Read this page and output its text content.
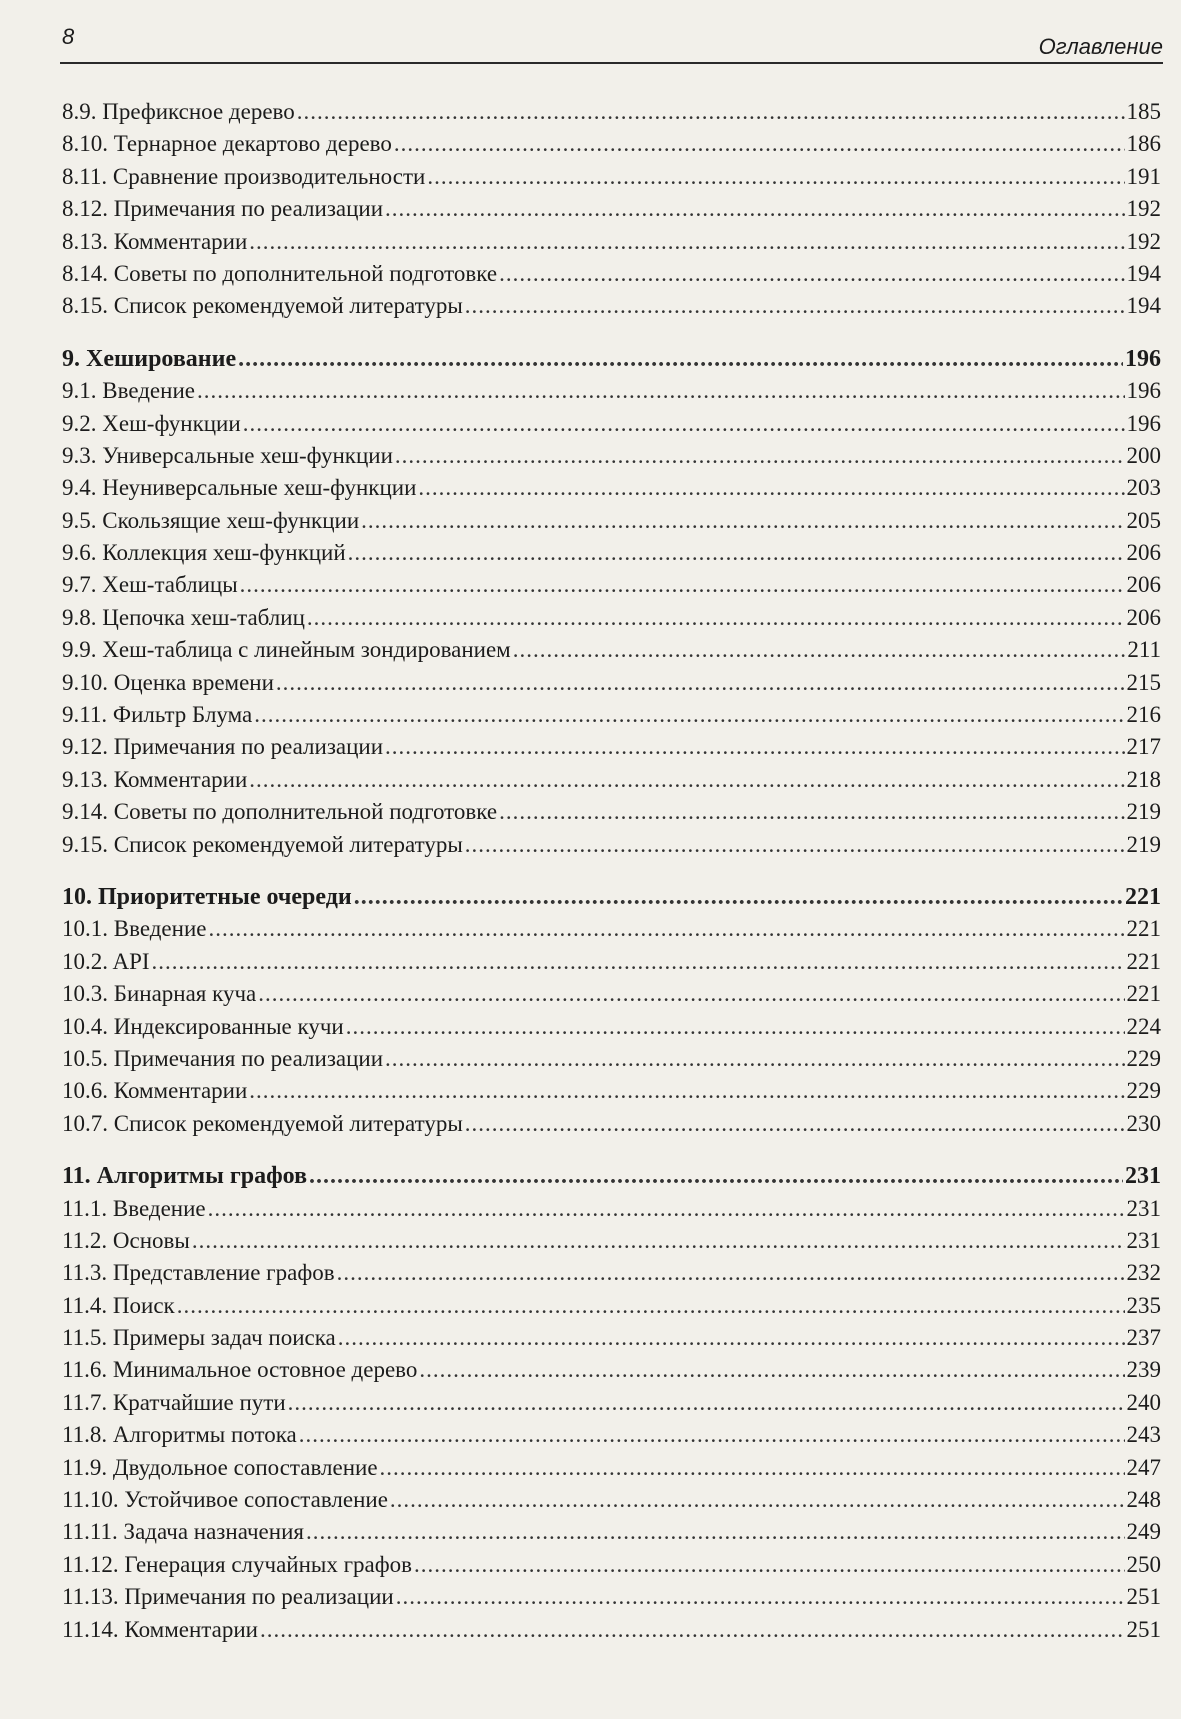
8	Оглавление
8.9. Префиксное дерево .....	185
8.10. Тернарное декартово дерево .....	186
8.11. Сравнение производительности .....	191
8.12. Примечания по реализации .....	192
8.13. Комментарии .....	192
8.14. Советы по дополнительной подготовке .....	194
8.15. Список рекомендуемой литературы .....	194
9. Хеширование .....	196
9.1. Введение .....	196
9.2. Хеш-функции .....	196
9.3. Универсальные хеш-функции .....	200
9.4. Неуниверсальные хеш-функции .....	203
9.5. Скользящие хеш-функции .....	205
9.6. Коллекция хеш-функций .....	206
9.7. Хеш-таблицы .....	206
9.8. Цепочка хеш-таблиц .....	206
9.9. Хеш-таблица с линейным зондированием .....	211
9.10. Оценка времени .....	215
9.11. Фильтр Блума .....	216
9.12. Примечания по реализации .....	217
9.13. Комментарии .....	218
9.14. Советы по дополнительной подготовке .....	219
9.15. Список рекомендуемой литературы .....	219
10. Приоритетные очереди .....	221
10.1. Введение .....	221
10.2. API .....	221
10.3. Бинарная куча .....	221
10.4. Индексированные кучи .....	224
10.5. Примечания по реализации .....	229
10.6. Комментарии .....	229
10.7. Список рекомендуемой литературы .....	230
11. Алгоритмы графов .....	231
11.1. Введение .....	231
11.2. Основы .....	231
11.3. Представление графов .....	232
11.4. Поиск .....	235
11.5. Примеры задач поиска .....	237
11.6. Минимальное остовное дерево .....	239
11.7. Кратчайшие пути .....	240
11.8. Алгоритмы потока .....	243
11.9. Двудольное сопоставление .....	247
11.10. Устойчивое сопоставление .....	248
11.11. Задача назначения .....	249
11.12. Генерация случайных графов .....	250
11.13. Примечания по реализации .....	251
11.14. Комментарии .....	251
